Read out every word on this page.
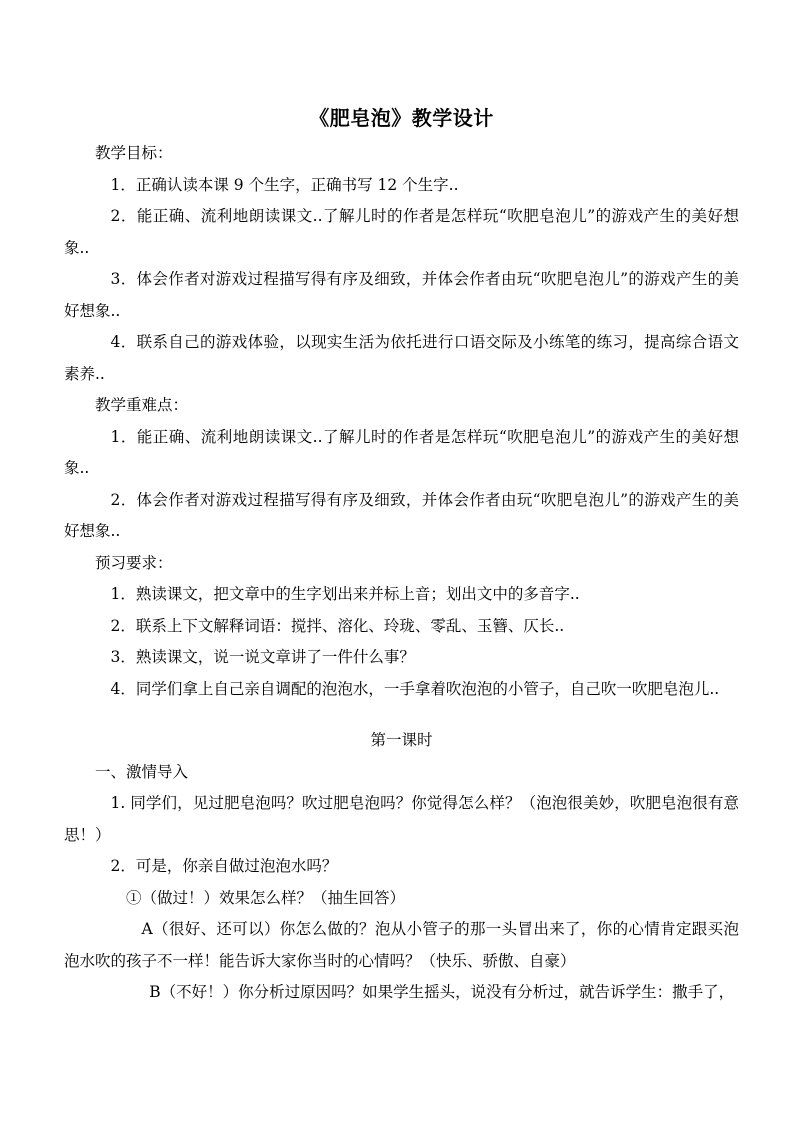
《肥皂泡》教学设计

教学目标：

1．正确认读本课 9 个生字，正确书写 12 个生字..

2．能正确、流利地朗读课文..了解儿时的作者是怎样玩“吹肥皂泡儿”的游戏产生的美好想象..

3．体会作者对游戏过程描写得有序及细致，并体会作者由玩“吹肥皂泡儿”的游戏产生的美好想象..

4．联系自己的游戏体验，以现实生活为依托进行口语交际及小练笔的练习，提高综合语文素养..

教学重难点：

1．能正确、流利地朗读课文..了解儿时的作者是怎样玩“吹肥皂泡儿”的游戏产生的美好想象..

2．体会作者对游戏过程描写得有序及细致，并体会作者由玩“吹肥皂泡儿”的游戏产生的美好想象..

预习要求：

1．熟读课文，把文章中的生字划出来并标上音；划出文中的多音字..

2．联系上下文解释词语：搅拌、溶化、玲珑、零乱、玉簪、仄长..

3．熟读课文，说一说文章讲了一件什么事？

4．同学们拿上自己亲自调配的泡泡水，一手拿着吹泡泡的小管子，自己吹一吹肥皂泡儿..

第一课时

一、激情导入

1. 同学们，见过肥皂泡吗？吹过肥皂泡吗？你觉得怎么样？（泡泡很美妙，吹肥皂泡很有意思！）

2．可是，你亲自做过泡泡水吗？

①（做过！）效果怎么样？（抽生回答）

A（很好、还可以）你怎么做的？泡从小管子的那一头冒出来了，你的心情肯定跟买泡泡水吹的孩子不一样！能告诉大家你当时的心情吗？（快乐、骄傲、自豪）

B（不好！）你分析过原因吗？如果学生摇头，说没有分析过，就告诉学生：撒手了，
